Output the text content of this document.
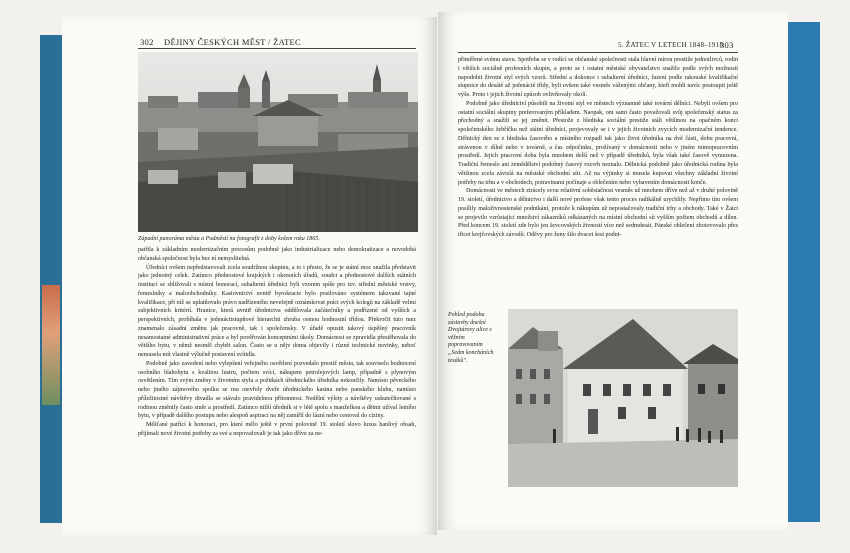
302 DĚJINY ČESKÝCH MĚST / ŽATEC
Západní panoráma města a Podměstí na fotografii z doby kolem roku 1865.

patřila k základním modernizačním procesům podobně jako industrializace nebo demokratizace a novodobá občanská společnost byla bez ní nemyslitelná.

Úředníci ovšem nepředstavovali zcela soudržnou skupinu, a to i přesto, že se je státní moc snažila představit jako jednotný celek. Zatímco přednostové krajských i okresních úřadů, soudci a přednostové dalších státních institucí se sbližovali s místní honorací, subalterní úředníci byli vzorem spíše pro tzv. střední městské vrstvy, řemeslníky a maloobchodníky. Kastovnictví uvnitř byrokracie bylo posilováno systémem takzvané tajné kvalifikace, při níž se uplatňovalo právo nadřízeného nevefejně oznámkovat práci svých kolegů na základě velmi subjektivních kritérií. Hranice, která uvnitř úřednictva oddělovala začátečníky a podřízené od vyšších a perspektivních, probíhala v jedenáctistupňové hierarchii zhruba osmou hodnostní třídou. Překročit tuto mez znamenalo zásadní změnu jak pracovně, tak i společensky. V úřadě opustit takový úspěšný pracovník nesamostatné administrativní práce a byl pověřován konceptními úkoly. Domácnost se zpravidla přestěhovala do většího bytu, v němž nesměl chybět salon. Často se u nějv doma objevily i různé technické novinky, neboť nemusela mít vlastně výlučně postavení svítidla.

Podobně jako zavedení nebo vylepšení veřejného osvětlení pozvedalo prestiž města, tak souviselo hodnocení osobního blahobytu s kvalitou lustru, počtem svící, nákupem petrolejových lamp, případně s plynovým osvětlením. Tím svým změny v životním stylu a požitkách úřednického úředníka nekončily. Namísto pěveckého nebo jiného zájmového spolku se mu otevřely dveře úřednického kasina nebo panského klubu, namísto příležitostné návštěvy divadla se stávalo pravidelnou přítomnost. Nedělní výlety a návštěvy uskutečňované s rodinou změnily často směr a prostředí. Zatímco nižší úředník si v létě spolu s manželkou a dětmi užíval letního bytu, v případě dalšího postupu nebo alespoň aspirací na něj zamířil do lázní nebo cestoval do ciziny.

Měšťané patřící k honoraci, pro které mělo ještě v první polovině 19. století slovo luxus hanlivý obsah, přijímali nové životní potřeby za své a nepovažovali je tak jako dříve za ne-

5. ŽATEC V LETECH 1848–1918
303

přiměřené svému stavu. Spotřeba se v rodící se občanské společnosti stala hlavní mírou prestiže jednotlivců, rodin i větších sociálně profesních skupin, a proto se i ostatní městské obyvatelstvo snažilo podle svých možností napodobit životní styl svých vzorů. Střední a dokonce i subalterní úředníci, řazení podle rakouské kvalifikační stupnice do desáté až jedenácté třídy, byli ovšem také vesměs váženými občany, kteří mohli navíc postoupit ještě výše. Proto i jejich životní způsob ovlivňovaly okolí.

Podobně jako úřednictví působili na životní styl ve městech významně také tovární dělníci. Nebyli ovšem pro ostatní sociální skupiny preferovaným příkladem. Naopak, oni sami často považovali svůj společenský status za přechodný a snažili se jej změnit. Přestože z hlediska sociální prestiže stáli většinou na opačném konci společenského žebříčku než státní úředníci, projevovaly se i v jejich životních zvycích modernizační tendence. Dělnický den se z hlediska časového a místního rozpadl tak jako život úředníka na dvě části, dobu pracovní, strávenou v dílně nebo v továrně, a čas odpočinku, prožívaný v domácnosti nebo v jiném mimopracovním prostředí. Jejich pracovní doba byla mnohem delší než v případě úředníků, byla však také časově vymezena. Tradiční řemeslo ani zemědělství podobný časový rozvrh neznalo. Dělnická podobně jako úřednická rodina byla většinou zcela závislá na městské obchodní síti. Až na výjimky si musela kupovat všechny základní životní potřeby na trhu a v obchodech, potravinami počínaje a oblečením nebo vybavením domácnosti konče.

Domácnosti ve městech ztrácely svou relativní soběstačnost vesměs už mnohem dříve než až v druhé polovině 19. století, úřednictvo a dělnictvo i další nové profese však tento proces radikálně urychlily. Nepřímo tím ovšem posílily maloživnostenské podnikání, protože k nákupům už nepostačovaly tradiční trhy a obchody. Také v Žatci se projevilo vzrůstající množství zákazníků odkázaných na místní obchodní sít vyšším počtem obchodů a dílen. Před koncem 19. století zde bylo jen ševcovských živností více než sedmdesát. Pánské oblečení zhotovovalo přes třicet krejčovských závodů. Oděvy pro ženy šilo dvacet šest podni-

Pohled podobu zástavby dnešní Dvojtárovy ulice s věžním popravovaním „Sedm koncháních tesáků".
